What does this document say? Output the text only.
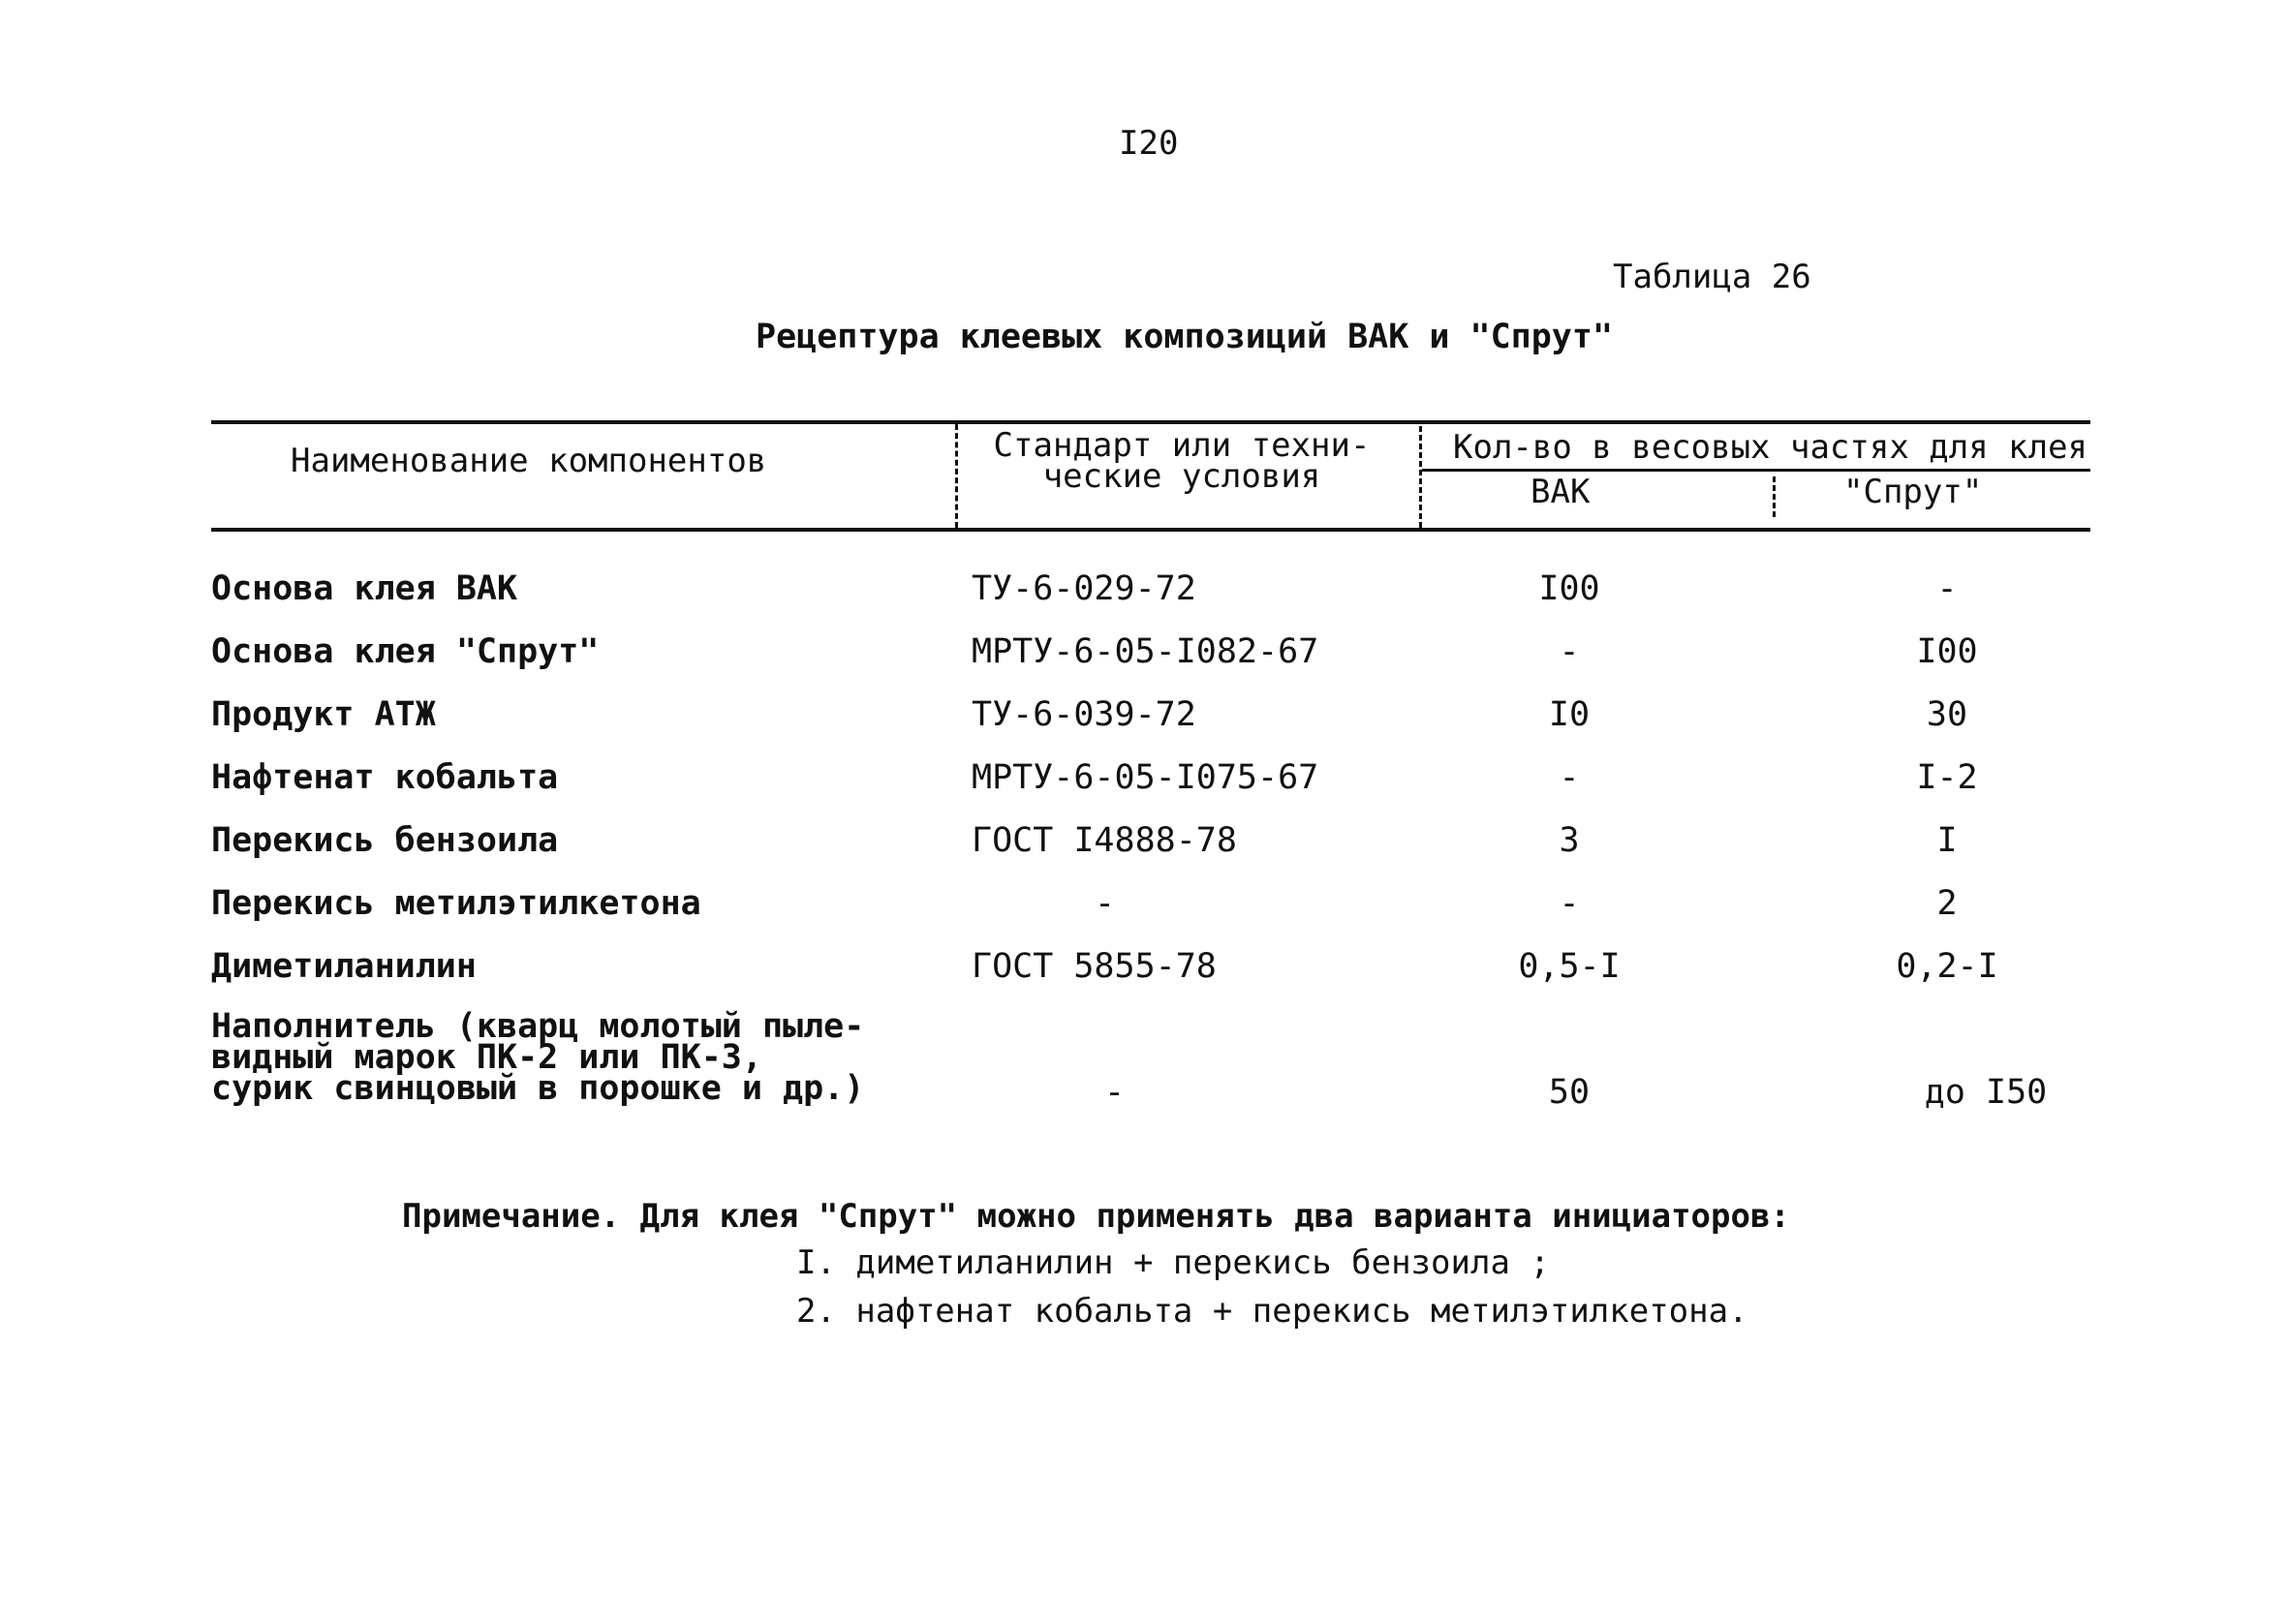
I20
Таблица 26
Рецептура клеевых композиций ВАК и "Спрут"
Наименование компонентов	Стандарт или техни-
ческие условия
Кол-во в весовых частях для клея
ВАК	"Спрут"
Основа клея ВАК	ТУ-6-029-72	I00	-
Основа клея "Спрут"	МРТУ-6-05-I082-67	-	I00
Продукт АТЖ	ТУ-6-039-72	I0	30
Нафтенат кобальта	МРТУ-6-05-I075-67	-	I-2
Перекись бензоила	ГОСТ I4888-78	3	I
Перекись метилэтилкетона	-	-	2
Диметиланилин	ГОСТ 5855-78	0,5-I	0,2-I
Наполнитель (кварц молотый пыле-
видный марок ПК-2 или ПК-3,
сурик свинцовый в порошке и др.)	-	50	до I50
Примечание. Для клея "Спрут" можно применять два варианта инициаторов:
I. диметиланилин + перекись бензоила ;
2. нафтенат кобальта + перекись метилэтилкетона.
